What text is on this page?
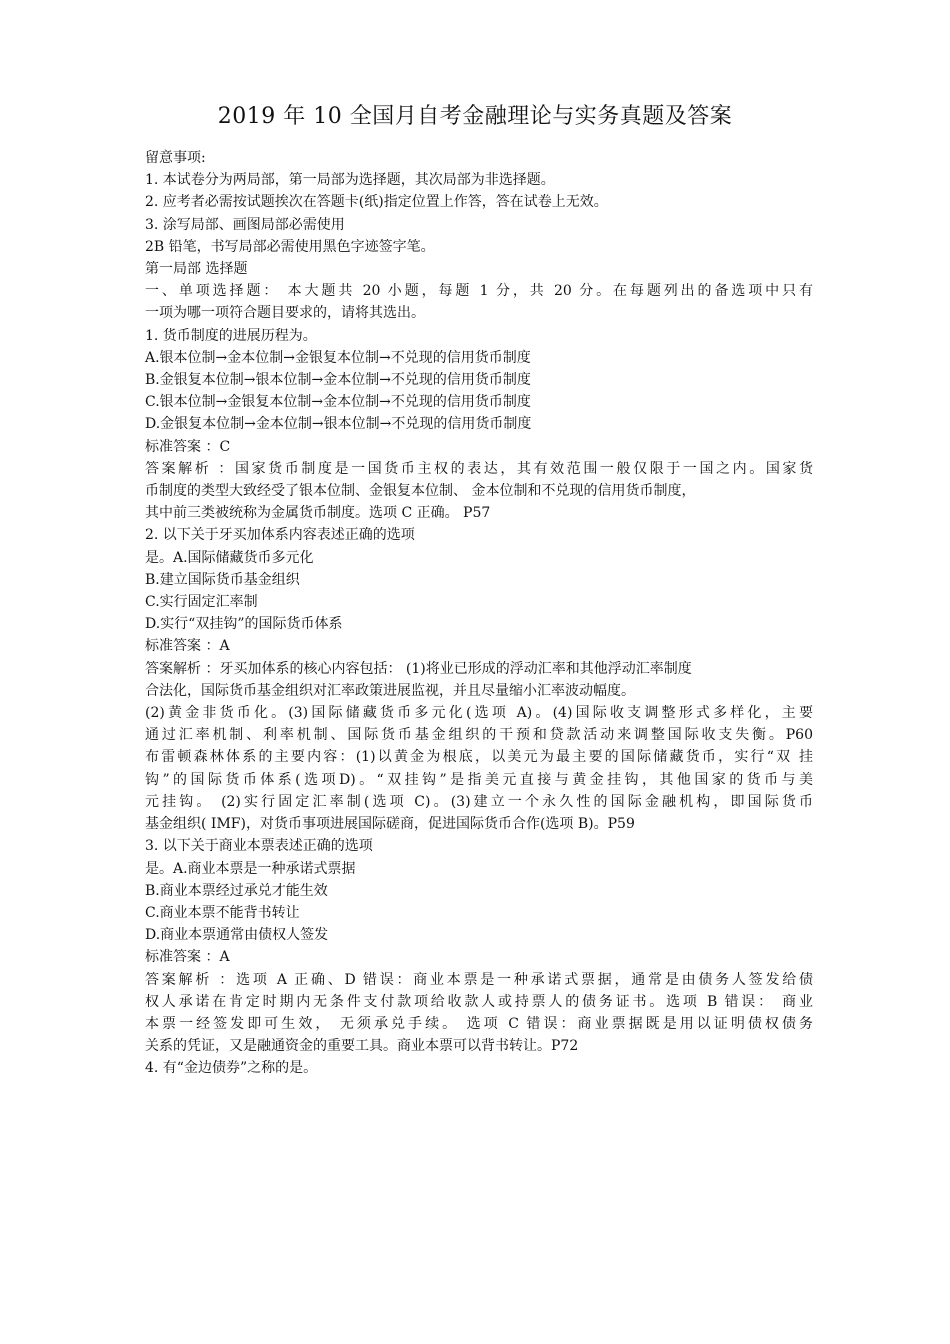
2019 年 10 全国月自考金融理论与实务真题及答案
留意事项:
1. 本试卷分为两局部，第一局部为选择题，其次局部为非选择题。
2. 应考者必需按试题挨次在答题卡(纸)指定位置上作答，答在试卷上无效。
3. 涂写局部、画图局部必需使用
2B 铅笔，书写局部必需使用黑色字迹签字笔。
第一局部 选择题
一、单项选择题： 本大题共 20 小题，每题 1 分，共 20 分。在每题列出的备选项中只有
一项为哪一项符合题目要求的，请将其选出。
1. 货币制度的进展历程为。
A.银本位制→金本位制→金银复本位制→不兑现的信用货币制度
B.金银复本位制→银本位制→金本位制→不兑现的信用货币制度
C.银本位制→金银复本位制→金本位制→不兑现的信用货币制度
D.金银复本位制→金本位制→银本位制→不兑现的信用货币制度
标准答案 ：C
答案解析 ：国家货币制度是一国货币主权的表达，其有效范围一般仅限于一国之内。国家货
币制度的类型大致经受了银本位制、金银复本位制、 金本位制和不兑现的信用货币制度，
其中前三类被统称为金属货币制度。选项 C 正确。 P57
2. 以下关于牙买加体系内容表述正确的选项
是。A.国际储藏货币多元化
B.建立国际货币基金组织
C.实行固定汇率制
D.实行“双挂钩”的国际货币体系
标准答案 ：A
答案解析 ：牙买加体系的核心内容包括： (1)将业已形成的浮动汇率和其他浮动汇率制度
合法化，国际货币基金组织对汇率政策进展监视，并且尽量缩小汇率波动幅度。
(2)黄金非货币化。(3)国际储藏货币多元化(选项 A)。(4)国际收支调整形式多样化，主要
通过汇率机制、利率机制、国际货币基金组织的干预和贷款活动来调整国际收支失衡。P60
布雷顿森林体系的主要内容：(1)以黄金为根底，以美元为最主要的国际储藏货币，实行“双 挂
钩”的国际货币体系(选项D)。“双挂钩”是指美元直接与黄金挂钩，其他国家的货币与美
元挂钩。 (2)实行固定汇率制(选项 C)。(3)建立一个永久性的国际金融机构，即国际货币
基金组织( IMF)，对货币事项进展国际磋商，促进国际货币合作(选项 B)。P59
3. 以下关于商业本票表述正确的选项
是。A.商业本票是一种承诺式票据
B.商业本票经过承兑才能生效
C.商业本票不能背书转让
D.商业本票通常由债权人签发
标准答案 ：A
答案解析 ：选项 A 正确、D 错误：商业本票是一种承诺式票据，通常是由债务人签发给债
权人承诺在肯定时期内无条件支付款项给收款人或持票人的债务证书。选项 B 错误： 商业
本票一经签发即可生效， 无须承兑手续。 选项 C 错误：商业票据既是用以证明债权债务
关系的凭证，又是融通资金的重要工具。商业本票可以背书转让。P72
4. 有“金边债券”之称的是。
